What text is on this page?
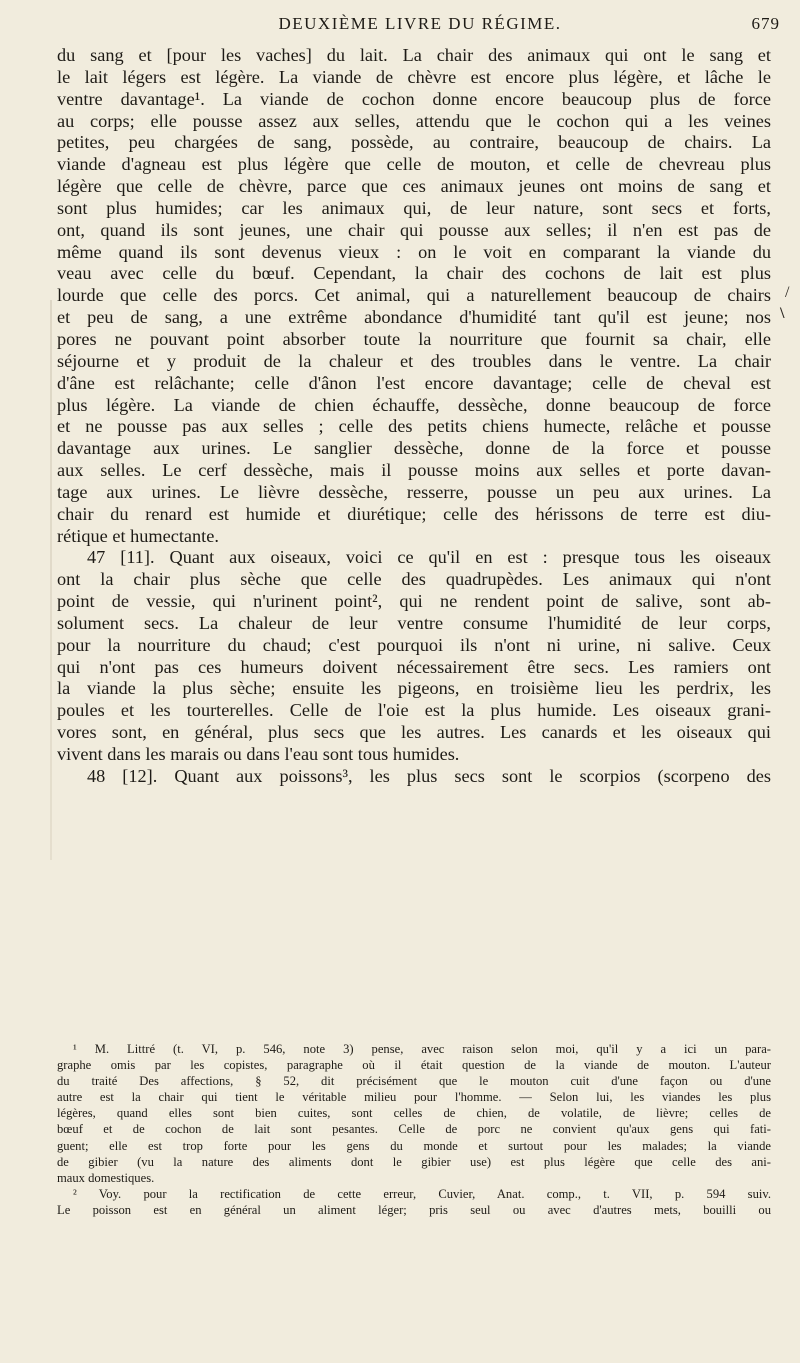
DEUXIÈME LIVRE DU RÉGIME.	679
du sang et [pour les vaches] du lait. La chair des animaux qui ont le sang et
le lait légers est légère. La viande de chèvre est encore plus légère, et lâche le
ventre davantage¹. La viande de cochon donne encore beaucoup plus de force
au corps; elle pousse assez aux selles, attendu que le cochon qui a les veines
petites, peu chargées de sang, possède, au contraire, beaucoup de chairs. La
viande d'agneau est plus légère que celle de mouton, et celle de chevreau plus
légère que celle de chèvre, parce que ces animaux jeunes ont moins de sang et
sont plus humides; car les animaux qui, de leur nature, sont secs et forts,
ont, quand ils sont jeunes, une chair qui pousse aux selles; il n'en est pas de
même quand ils sont devenus vieux : on le voit en comparant la viande du
veau avec celle du bœuf. Cependant, la chair des cochons de lait est plus
lourde que celle des porcs. Cet animal, qui a naturellement beaucoup de chairs
et peu de sang, a une extrême abondance d'humidité tant qu'il est jeune; nos
pores ne pouvant point absorber toute la nourriture que fournit sa chair, elle
séjourne et y produit de la chaleur et des troubles dans le ventre. La chair
d'âne est relâchante; celle d'ânon l'est encore davantage; celle de cheval est
plus légère. La viande de chien échauffe, dessèche, donne beaucoup de force
et ne pousse pas aux selles ; celle des petits chiens humecte, relâche et pousse
davantage aux urines. Le sanglier dessèche, donne de la force et pousse
aux selles. Le cerf dessèche, mais il pousse moins aux selles et porte davan-
tage aux urines. Le lièvre dessèche, resserre, pousse un peu aux urines. La
chair du renard est humide et diurétique; celle des hérissons de terre est diu-
rétique et humectante.
47 [11]. Quant aux oiseaux, voici ce qu'il en est : presque tous les oiseaux
ont la chair plus sèche que celle des quadrupèdes. Les animaux qui n'ont
point de vessie, qui n'urinent point², qui ne rendent point de salive, sont ab-
solument secs. La chaleur de leur ventre consume l'humidité de leur corps,
pour la nourriture du chaud; c'est pourquoi ils n'ont ni urine, ni salive. Ceux
qui n'ont pas ces humeurs doivent nécessairement être secs. Les ramiers ont
la viande la plus sèche; ensuite les pigeons, en troisième lieu les perdrix, les
poules et les tourterelles. Celle de l'oie est la plus humide. Les oiseaux grani-
vores sont, en général, plus secs que les autres. Les canards et les oiseaux qui
vivent dans les marais ou dans l'eau sont tous humides.
48 [12]. Quant aux poissons³, les plus secs sont le scorpios (scorpeno des
/
\
¹ M. Littré (t. VI, p. 546, note 3) pense, avec raison selon moi, qu'il y a ici un para-
graphe omis par les copistes, paragraphe où il était question de la viande de mouton. L'auteur
du traité Des affections, § 52, dit précisément que le mouton cuit d'une façon ou d'une
autre est la chair qui tient le véritable milieu pour l'homme. — Selon lui, les viandes les plus
légères, quand elles sont bien cuites, sont celles de chien, de volatile, de lièvre; celles de
bœuf et de cochon de lait sont pesantes. Celle de porc ne convient qu'aux gens qui fati-
guent; elle est trop forte pour les gens du monde et surtout pour les malades; la viande
de gibier (vu la nature des aliments dont le gibier use) est plus légère que celle des ani-
maux domestiques.
² Voy. pour la rectification de cette erreur, Cuvier, Anat. comp., t. VII, p. 594 suiv.
Le poisson est en général un aliment léger; pris seul ou avec d'autres mets, bouilli ou
